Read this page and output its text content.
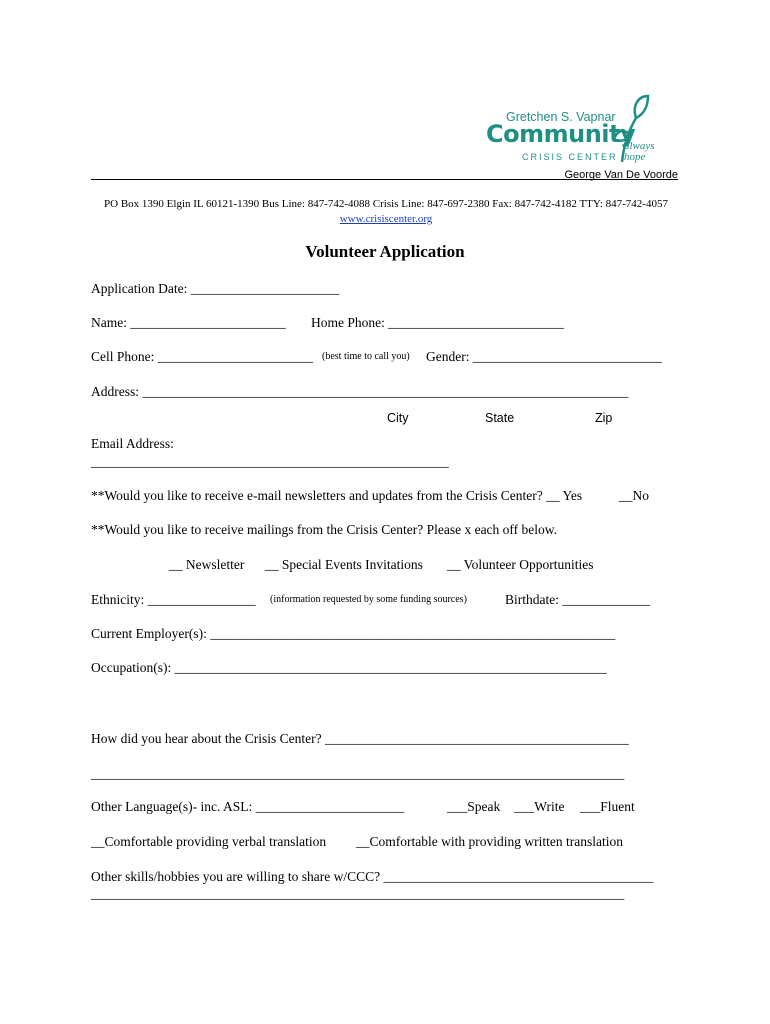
Gretchen S. Vapnar
Community
CRISIS CENTER
always
hope
George Van De Voorde
PO Box 1390 Elgin IL 60121-1390 Bus Line: 847-742-4088 Crisis Line: 847-697-2380 Fax: 847-742-4182 TTY: 847-742-4057 www.crisiscenter.org
Volunteer Application
Application Date: ______________________
Name: _______________________ Home Phone: __________________________
Cell Phone: _______________________ (best time to call you) Gender: ____________________________
Address: ________________________________________________________________________
City	State	Zip
Email Address:
_____________________________________________________
**Would you like to receive e-mail newsletters and updates from the Crisis Center? __ Yes	__No
**Would you like to receive mailings from the Crisis Center? Please x each off below.
__ Newsletter __ Special Events Invitations __ Volunteer Opportunities
Ethnicity: ________________ (information requested by some funding sources)	Birthdate: _____________
Current Employer(s): ____________________________________________________________
Occupation(s): ________________________________________________________________
How did you hear about the Crisis Center? _____________________________________________
_______________________________________________________________________________
Other Language(s)- inc. ASL: ______________________	___Speak ___Write ___Fluent
__Comfortable providing verbal translation __Comfortable with providing written translation
Other skills/hobbies you are willing to share w/CCC? ________________________________________
_______________________________________________________________________________
